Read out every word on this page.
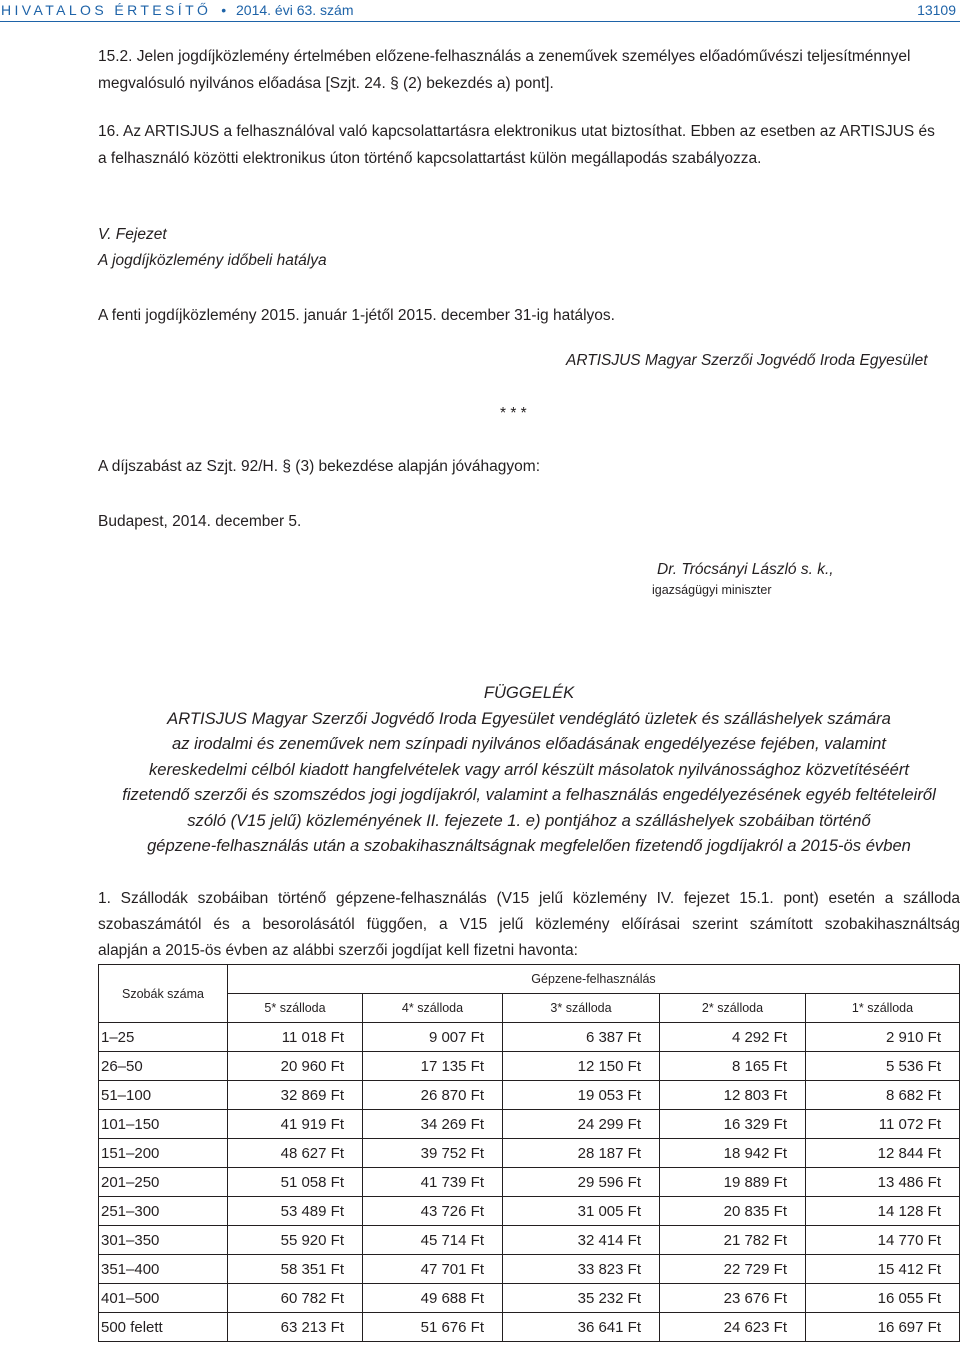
HIVATALOS ÉRTESÍTŐ • 2014. évi 63. szám	13109
15.2. Jelen jogdíjközlemény értelmében előzene-felhasználás a zeneművek személyes előadóművészi teljesítménnyel
megvalósuló nyilvános előadása [Szjt. 24. § (2) bekezdés a) pont].
16. Az ARTISJUS a felhasználóval való kapcsolattartásra elektronikus utat biztosíthat. Ebben az esetben az ARTISJUS és
a felhasználó közötti elektronikus úton történő kapcsolattartást külön megállapodás szabályozza.
V. Fejezet
A jogdíjközlemény időbeli hatálya
A fenti jogdíjközlemény 2015. január 1-jétől 2015. december 31-ig hatályos.
ARTISJUS Magyar Szerzői Jogvédő Iroda Egyesület
* * *
A díjszabást az Szjt. 92/H. § (3) bekezdése alapján jóváhagyom:
Budapest, 2014. december 5.
Dr. Trócsányi László s. k.,
igazságügyi miniszter
FÜGGELÉK
ARTISJUS Magyar Szerzői Jogvédő Iroda Egyesület vendéglátó üzletek és szálláshelyek számára
az irodalmi és zeneművek nem színpadi nyilvános előadásának engedélyezése fejében, valamint
kereskedelmi célból kiadott hangfelvételek vagy arról készült másolatok nyilvánossághoz közvetítéséért
fizetendő szerzői és szomszédos jogi jogdíjakról, valamint a felhasználás engedélyezésének egyéb feltételeiről
szóló (V15 jelű) közleményének II. fejezete 1. e) pontjához a szálláshelyek szobáiban történő
gépzene-felhasználás után a szobakihasználtságnak megfelelően fizetendő jogdíjakról a 2015-ös évben
1. Szállodák szobáiban történő gépzene-felhasználás (V15 jelű közlemény IV. fejezet 15.1. pont) esetén a szálloda
szobaszámától és a besorolásától függően, a V15 jelű közlemény előírásai szerint számított szobakihasználtság
alapján a 2015-ös évben az alábbi szerzői jogdíjat kell fizetni havonta:
Szobák száma	Gépzene-felhasználás				
	5* szálloda	4* szálloda	3* szálloda	2* szálloda	1* szálloda
1–25	11 018 Ft	9 007 Ft	6 387 Ft	4 292 Ft	2 910 Ft
26–50	20 960 Ft	17 135 Ft	12 150 Ft	8 165 Ft	5 536 Ft
51–100	32 869 Ft	26 870 Ft	19 053 Ft	12 803 Ft	8 682 Ft
101–150	41 919 Ft	34 269 Ft	24 299 Ft	16 329 Ft	11 072 Ft
151–200	48 627 Ft	39 752 Ft	28 187 Ft	18 942 Ft	12 844 Ft
201–250	51 058 Ft	41 739 Ft	29 596 Ft	19 889 Ft	13 486 Ft
251–300	53 489 Ft	43 726 Ft	31 005 Ft	20 835 Ft	14 128 Ft
301–350	55 920 Ft	45 714 Ft	32 414 Ft	21 782 Ft	14 770 Ft
351–400	58 351 Ft	47 701 Ft	33 823 Ft	22 729 Ft	15 412 Ft
401–500	60 782 Ft	49 688 Ft	35 232 Ft	23 676 Ft	16 055 Ft
500 felett	63 213 Ft	51 676 Ft	36 641 Ft	24 623 Ft	16 697 Ft
